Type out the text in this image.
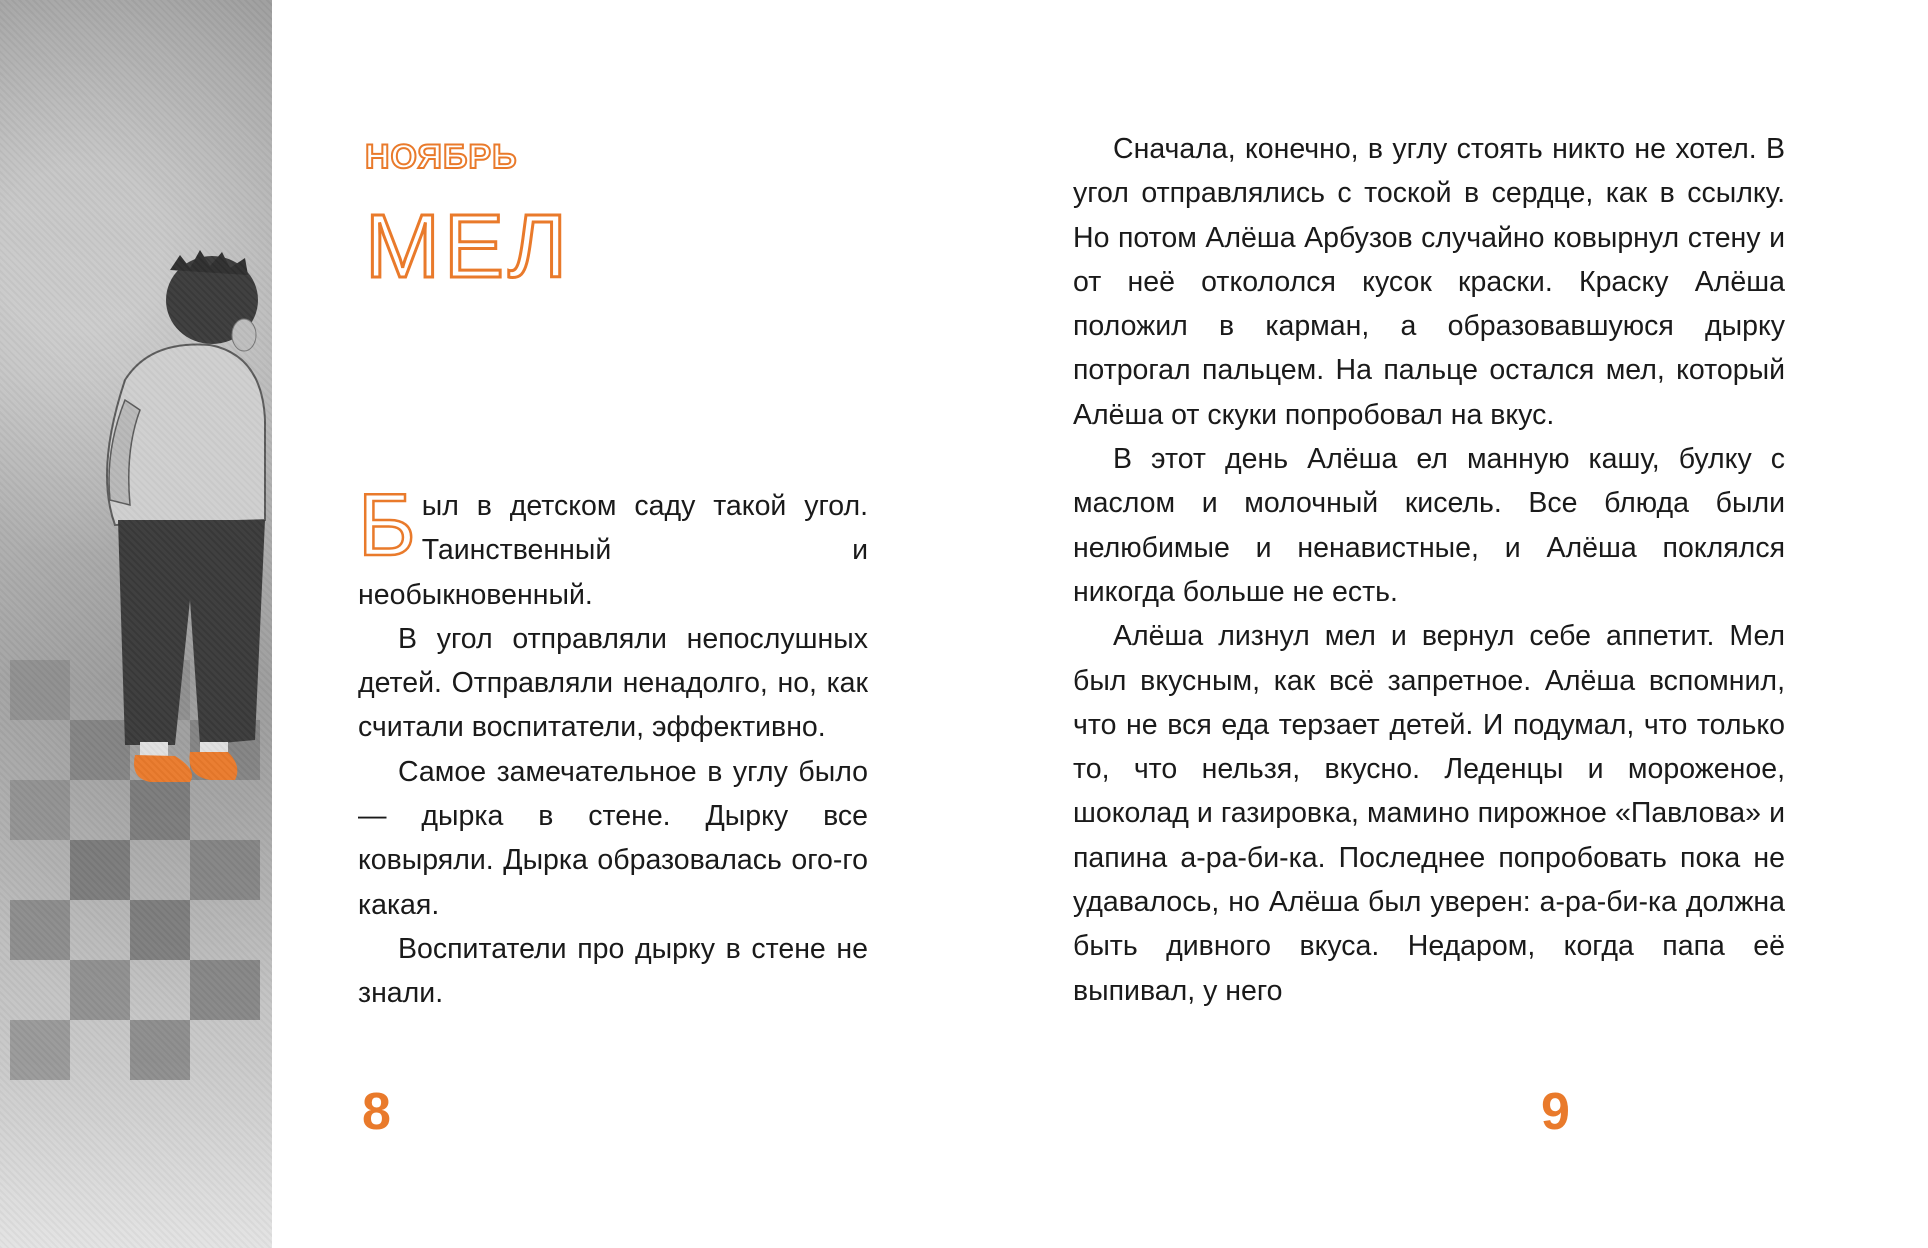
НОЯБРЬ
МЕЛ

Был в детском саду такой угол. Таинственный и необыкновенный.

В угол отправляли непослушных детей. Отправляли ненадолго, но, как считали воспитатели, эффективно.

Самое замечательное в углу было — дырка в стене. Дырку все ковыряли. Дырка образовалась ого-го какая.

Воспитатели про дырку в стене не знали.

Сначала, конечно, в углу стоять никто не хотел. В угол отправлялись с тоской в сердце, как в ссылку. Но потом Алёша Арбузов случайно ковырнул стену и от неё откололся кусок краски. Краску Алёша положил в карман, а образовавшуюся дырку потрогал пальцем. На пальце остался мел, который Алёша от скуки попробовал на вкус.

В этот день Алёша ел манную кашу, булку с маслом и молочный кисель. Все блюда были нелюбимые и ненавистные, и Алёша поклялся никогда больше не есть.

Алёша лизнул мел и вернул себе аппетит. Мел был вкусным, как всё запретное. Алёша вспомнил, что не вся еда терзает детей. И подумал, что только то, что нельзя, вкусно. Леденцы и мороженое, шоколад и газировка, мамино пирожное «Павлова» и папина а-ра-би-ка. Последнее попробовать пока не удавалось, но Алёша был уверен: а-ра-би-ка должна быть дивного вкуса. Недаром, когда папа её выпивал, у него

8	9
